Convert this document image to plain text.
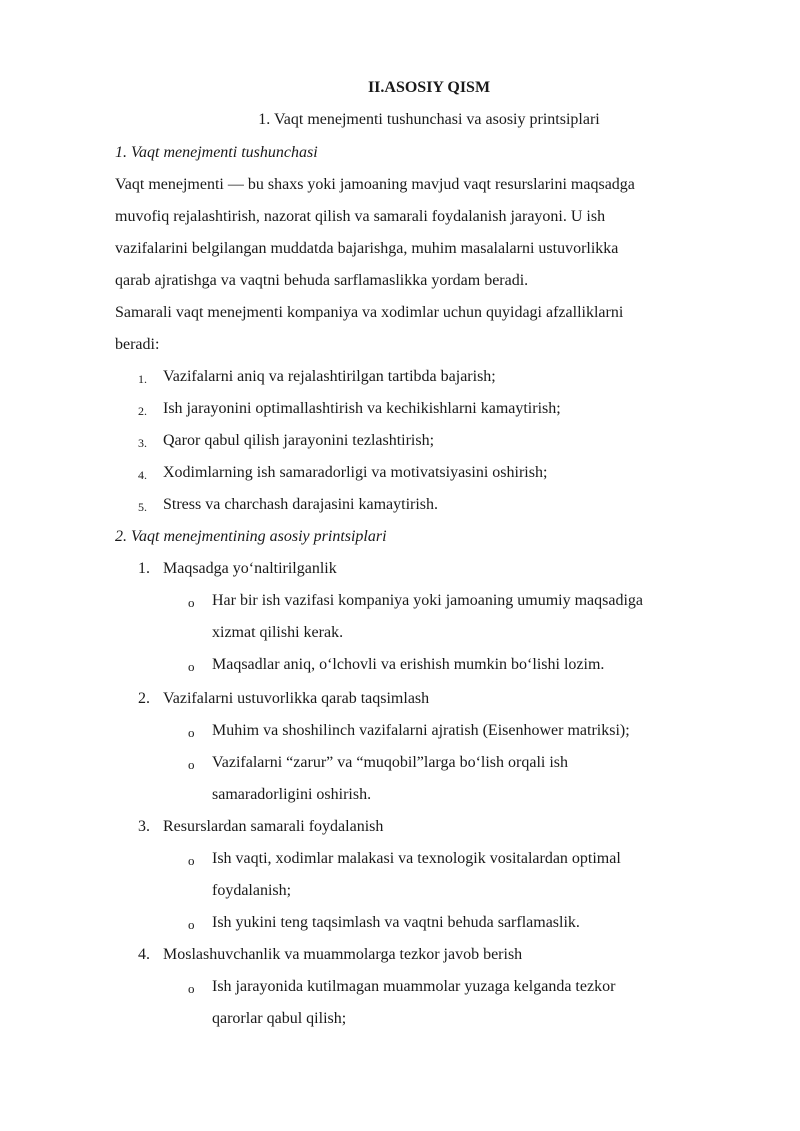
II.ASOSIY QISM
1. Vaqt menejmenti tushunchasi va asosiy printsiplari
1. Vaqt menejmenti tushunchasi
Vaqt menejmenti — bu shaxs yoki jamoaning mavjud vaqt resurslarini maqsadga
muvofiq rejalashtirish, nazorat qilish va samarali foydalanish jarayoni. U ish
vazifalarini belgilangan muddatda bajarishga, muhim masalalarni ustuvorlikka
qarab ajratishga va vaqtni behuda sarflamaslikka yordam beradi.
Samarali vaqt menejmenti kompaniya va xodimlar uchun quyidagi afzalliklarni
beradi:
1. Vazifalarni aniq va rejalashtirilgan tartibda bajarish;
2. Ish jarayonini optimallashtirish va kechikishlarni kamaytirish;
3. Qaror qabul qilish jarayonini tezlashtirish;
4. Xodimlarning ish samaradorligi va motivatsiyasini oshirish;
5. Stress va charchash darajasini kamaytirish.
2. Vaqt menejmentining asosiy printsiplari
1. Maqsadga yo‘naltirilganlik
o Har bir ish vazifasi kompaniya yoki jamoaning umumiy maqsadiga
xizmat qilishi kerak.
o Maqsadlar aniq, o‘lchovli va erishish mumkin bo‘lishi lozim.
2. Vazifalarni ustuvorlikka qarab taqsimlash
o Muhim va shoshilinch vazifalarni ajratish (Eisenhower matriksi);
o Vazifalarni “zarur” va “muqobil”larga bo‘lish orqali ish
samaradorligini oshirish.
3. Resurslardan samarali foydalanish
o Ish vaqti, xodimlar malakasi va texnologik vositalardan optimal
foydalanish;
o Ish yukini teng taqsimlash va vaqtni behuda sarflamaslik.
4. Moslashuvchanlik va muammolarga tezkor javob berish
o Ish jarayonida kutilmagan muammolar yuzaga kelganda tezkor
qarorlar qabul qilish;
